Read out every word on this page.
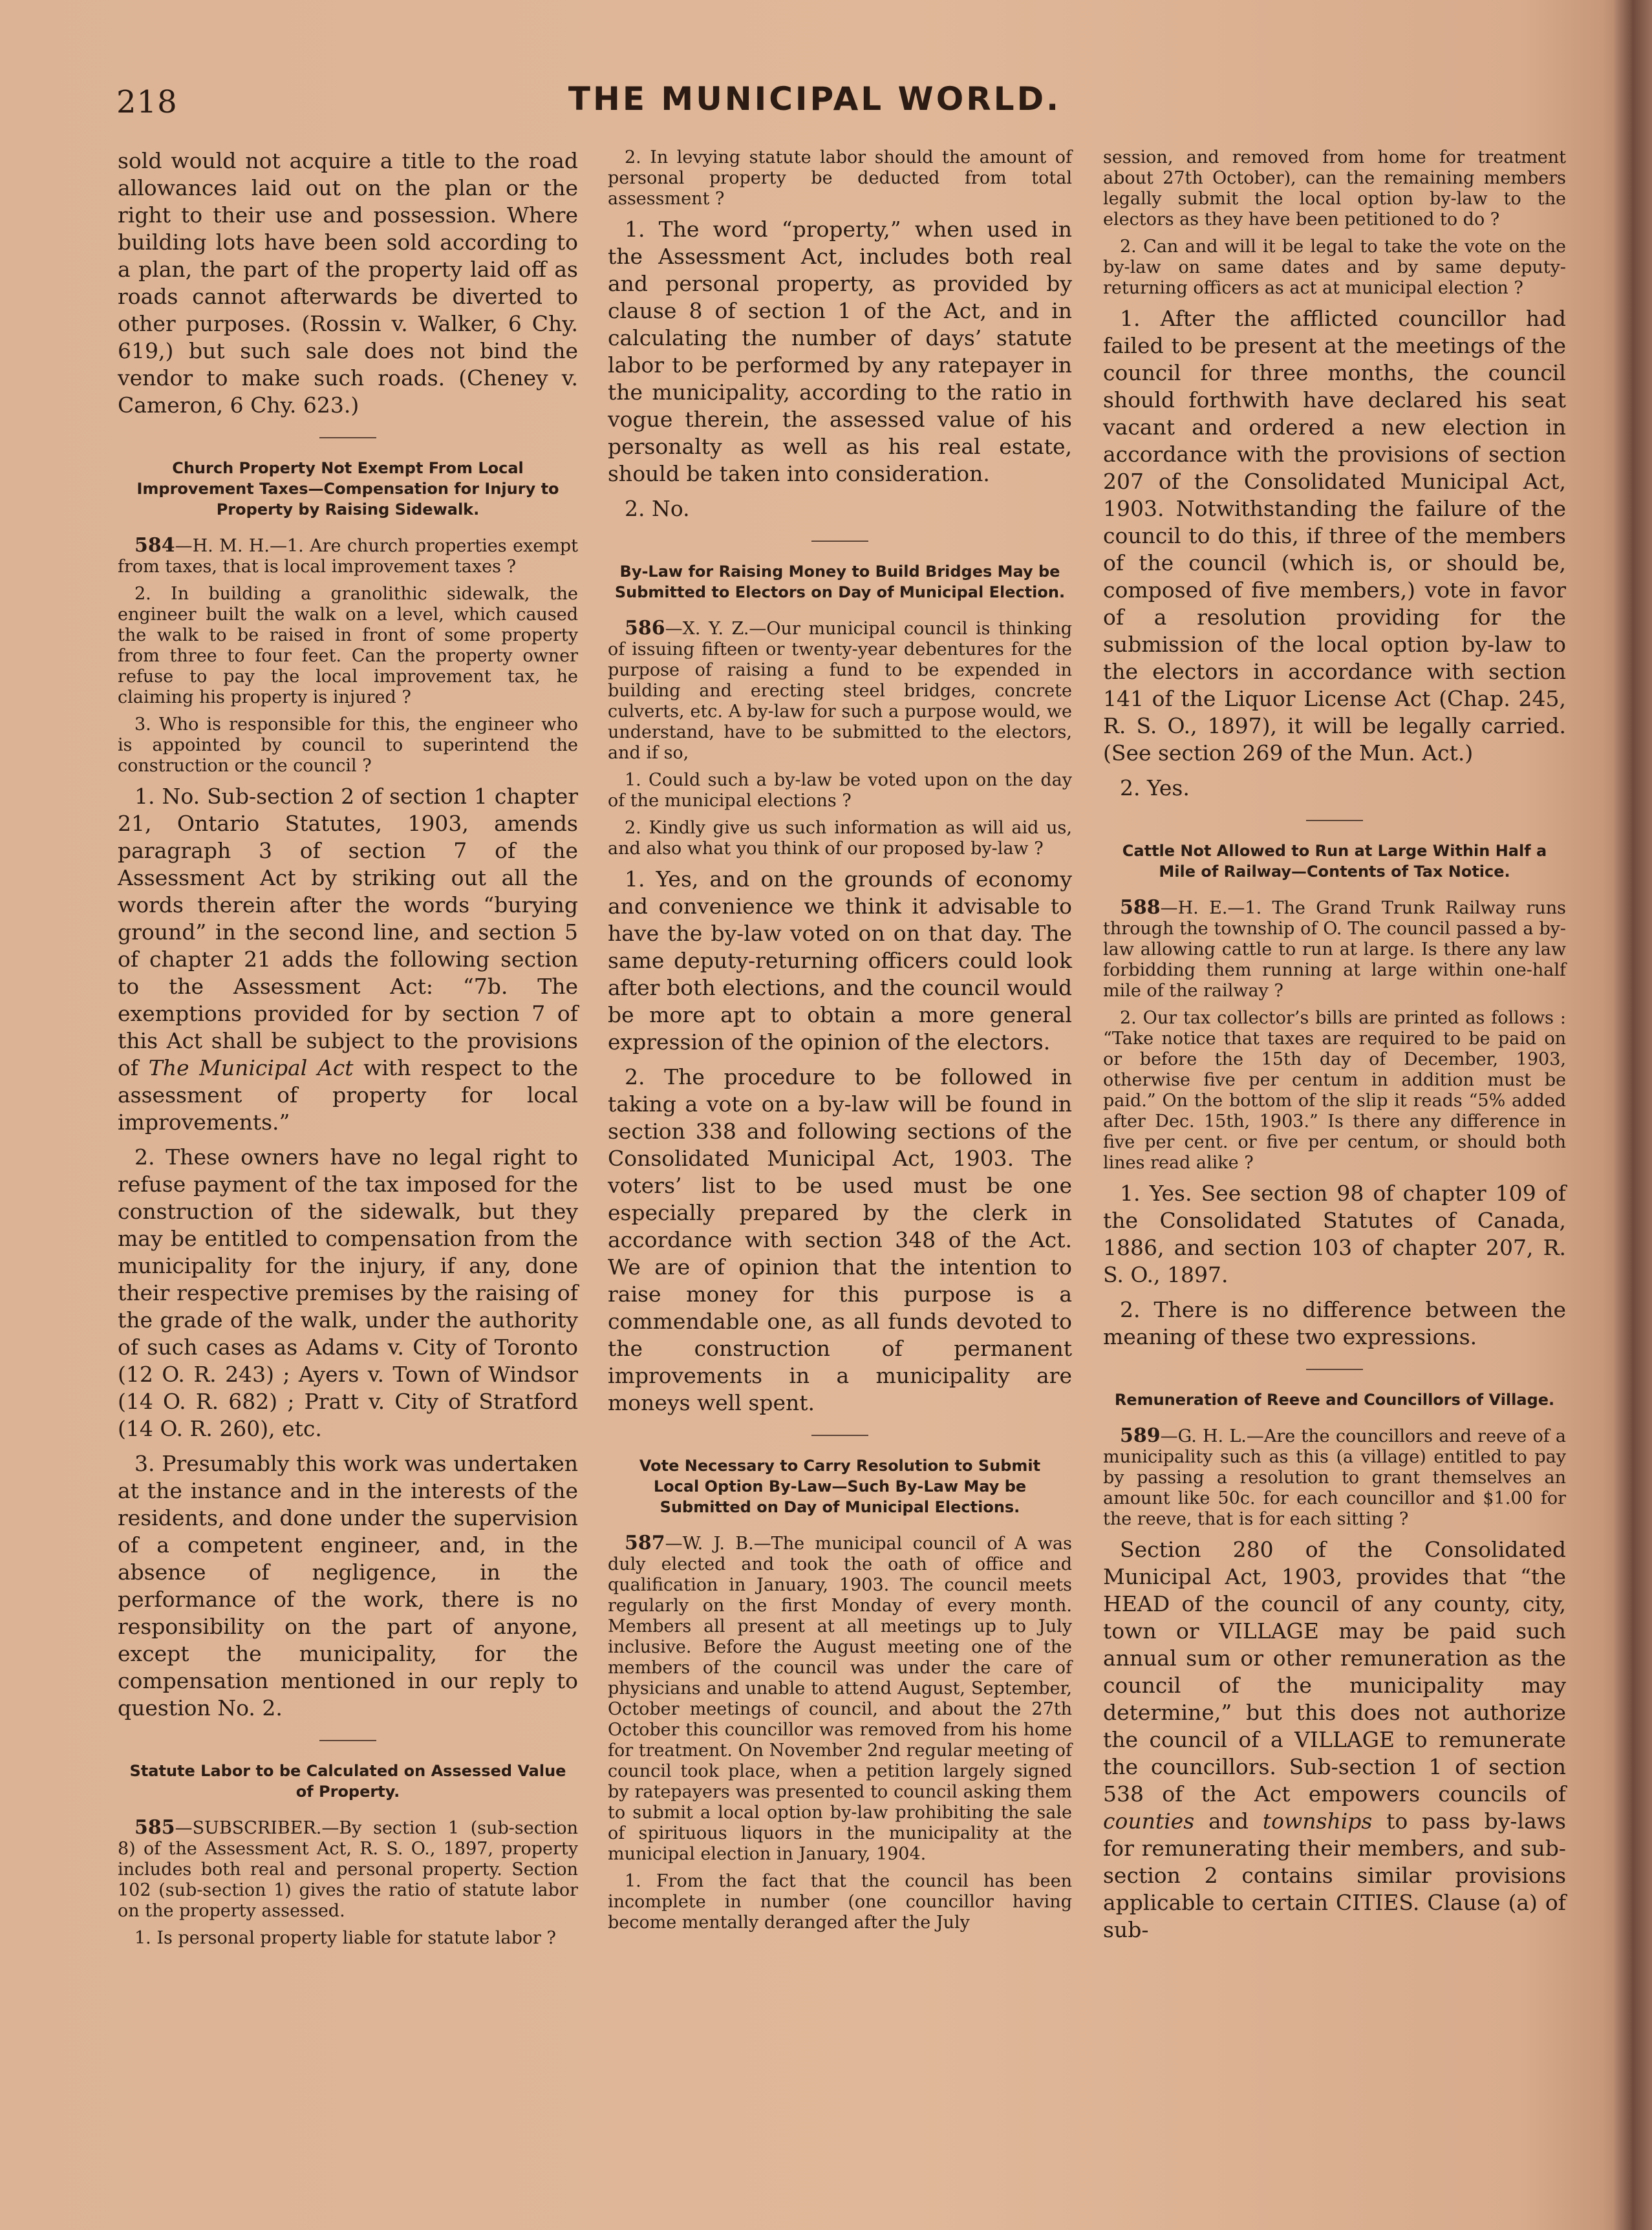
218	THE MUNICIPAL WORLD.

sold would not acquire a title to the road allowances laid out on the plan or the right to their use and possession. Where building lots have been sold according to a plan, the part of the property laid off as roads cannot afterwards be diverted to other purposes. (Rossin v. Walker, 6 Chy. 619,) but such sale does not bind the vendor to make such roads. (Cheney v. Cameron, 6 Chy. 623.)

Church Property Not Exempt From Local Improvement Taxes—Compensation for Injury to Property by Raising Sidewalk.

584—H. M. H.—1. Are church properties exempt from taxes, that is local improvement taxes ?

2. In building a granolithic sidewalk, the engineer built the walk on a level, which caused the walk to be raised in front of some property from three to four feet. Can the property owner refuse to pay the local improvement tax, he claiming his property is injured ?

3. Who is responsible for this, the engineer who is appointed by council to superintend the construction or the council ?

1. No. Sub-section 2 of section 1 chapter 21, Ontario Statutes, 1903, amends paragraph 3 of section 7 of the Assessment Act by striking out all the words therein after the words “burying ground” in the second line, and section 5 of chapter 21 adds the following section to the Assessment Act: “7b. The exemptions provided for by section 7 of this Act shall be subject to the provisions of The Municipal Act with respect to the assessment of property for local improvements.”

2. These owners have no legal right to refuse payment of the tax imposed for the construction of the sidewalk, but they may be entitled to compensation from the municipality for the injury, if any, done their respective premises by the raising of the grade of the walk, under the authority of such cases as Adams v. City of Toronto (12 O. R. 243) ; Ayers v. Town of Windsor (14 O. R. 682) ; Pratt v. City of Stratford (14 O. R. 260), etc.

3. Presumably this work was undertaken at the instance and in the interests of the residents, and done under the supervision of a competent engineer, and, in the absence of negligence, in the performance of the work, there is no responsibility on the part of anyone, except the municipality, for the compensation mentioned in our reply to question No. 2.

Statute Labor to be Calculated on Assessed Value of Property.

585—SUBSCRIBER.—By section 1 (sub-section 8) of the Assessment Act, R. S. O., 1897, property includes both real and personal property. Section 102 (sub-section 1) gives the ratio of statute labor on the property assessed.

1. Is personal property liable for statute labor ?

2. In levying statute labor should the amount of personal property be deducted from total assessment ?

1. The word “property,” when used in the Assessment Act, includes both real and personal property, as provided by clause 8 of section 1 of the Act, and in calculating the number of days’ statute labor to be performed by any ratepayer in the municipality, according to the ratio in vogue therein, the assessed value of his personalty as well as his real estate, should be taken into consideration.

2. No.

By-Law for Raising Money to Build Bridges May be Submitted to Electors on Day of Municipal Election.

586—X. Y. Z.—Our municipal council is thinking of issuing fifteen or twenty-year debentures for the purpose of raising a fund to be expended in building and erecting steel bridges, concrete culverts, etc. A by-law for such a purpose would, we understand, have to be submitted to the electors, and if so,

1. Could such a by-law be voted upon on the day of the municipal elections ?

2. Kindly give us such information as will aid us, and also what you think of our proposed by-law ?

1. Yes, and on the grounds of economy and convenience we think it advisable to have the by-law voted on on that day. The same deputy-returning officers could look after both elections, and the council would be more apt to obtain a more general expression of the opinion of the electors.

2. The procedure to be followed in taking a vote on a by-law will be found in section 338 and following sections of the Consolidated Municipal Act, 1903. The voters’ list to be used must be one especially prepared by the clerk in accordance with section 348 of the Act. We are of opinion that the intention to raise money for this purpose is a commendable one, as all funds devoted to the construction of permanent improvements in a municipality are moneys well spent.

Vote Necessary to Carry Resolution to Submit Local Option By-Law—Such By-Law May be Submitted on Day of Municipal Elections.

587—W. J. B.—The municipal council of A was duly elected and took the oath of office and qualification in January, 1903. The council meets regularly on the first Monday of every month. Members all present at all meetings up to July inclusive. Before the August meeting one of the members of the council was under the care of physicians and unable to attend August, September, October meetings of council, and about the 27th October this councillor was removed from his home for treatment. On November 2nd regular meeting of council took place, when a petition largely signed by ratepayers was presented to council asking them to submit a local option by-law prohibiting the sale of spirituous liquors in the municipality at the municipal election in January, 1904.

1. From the fact that the council has been incomplete in number (one councillor having become mentally deranged after the July

session, and removed from home for treatment about 27th October), can the remaining members legally submit the local option by-law to the electors as they have been petitioned to do ?

2. Can and will it be legal to take the vote on the by-law on same dates and by same deputy-returning officers as act at municipal election ?

1. After the afflicted councillor had failed to be present at the meetings of the council for three months, the council should forthwith have declared his seat vacant and ordered a new election in accordance with the provisions of section 207 of the Consolidated Municipal Act, 1903. Notwithstanding the failure of the council to do this, if three of the members of the council (which is, or should be, composed of five members,) vote in favor of a resolution providing for the submission of the local option by-law to the electors in accordance with section 141 of the Liquor License Act (Chap. 245, R. S. O., 1897), it will be legally carried. (See section 269 of the Mun. Act.)

2. Yes.

Cattle Not Allowed to Run at Large Within Half a Mile of Railway—Contents of Tax Notice.

588—H. E.—1. The Grand Trunk Railway runs through the township of O. The council passed a by-law allowing cattle to run at large. Is there any law forbidding them running at large within one-half mile of the railway ?

2. Our tax collector’s bills are printed as follows : “Take notice that taxes are required to be paid on or before the 15th day of December, 1903, otherwise five per centum in addition must be paid.” On the bottom of the slip it reads “5% added after Dec. 15th, 1903.” Is there any difference in five per cent. or five per centum, or should both lines read alike ?

1. Yes. See section 98 of chapter 109 of the Consolidated Statutes of Canada, 1886, and section 103 of chapter 207, R. S. O., 1897.

2. There is no difference between the meaning of these two expressions.

Remuneration of Reeve and Councillors of Village.

589—G. H. L.—Are the councillors and reeve of a municipality such as this (a village) entitled to pay by passing a resolution to grant themselves an amount like 50c. for each councillor and $1.00 for the reeve, that is for each sitting ?

Section 280 of the Consolidated Municipal Act, 1903, provides that “the HEAD of the council of any county, city, town or VILLAGE may be paid such annual sum or other remuneration as the council of the municipality may determine,” but this does not authorize the council of a VILLAGE to remunerate the councillors. Sub-section 1 of section 538 of the Act empowers councils of counties and townships to pass by-laws for remunerating their members, and sub-section 2 contains similar provisions applicable to certain CITIES. Clause (a) of sub-
